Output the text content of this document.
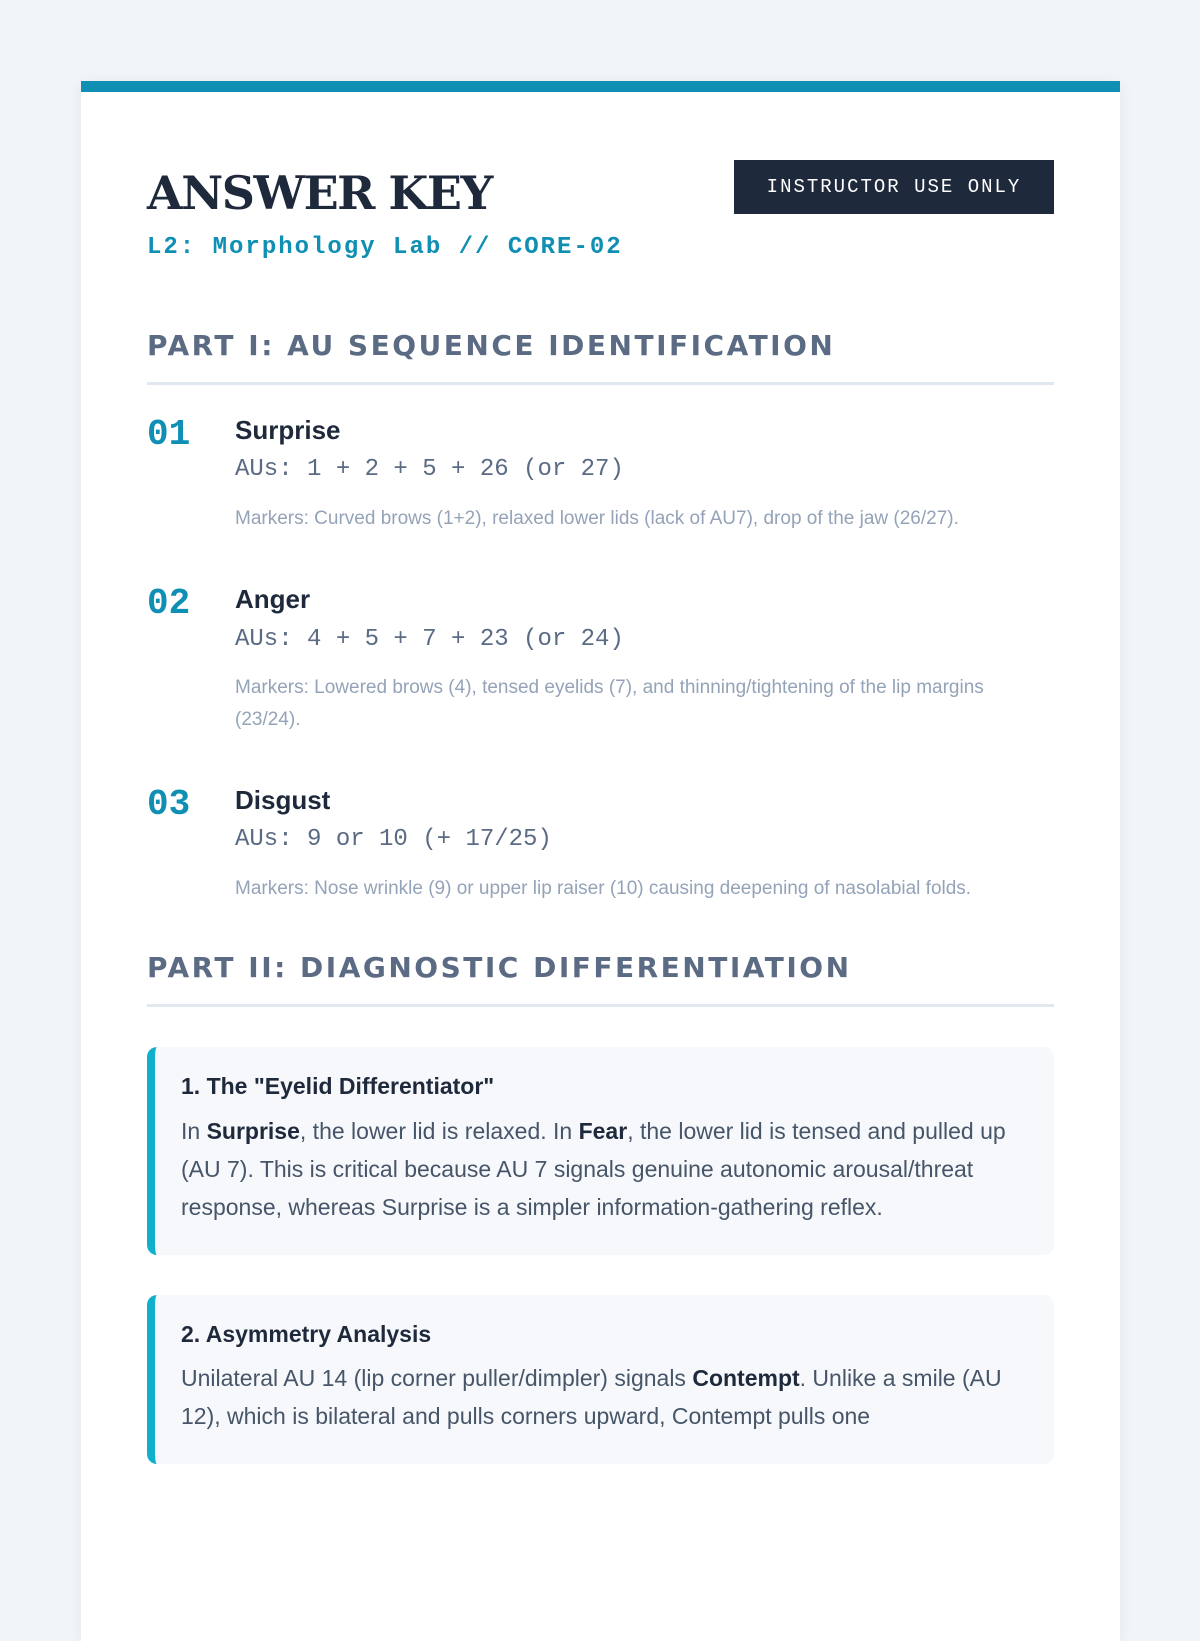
ANSWER KEY
L2: Morphology Lab // CORE-02
INSTRUCTOR USE ONLY
PART I: AU SEQUENCE IDENTIFICATION
01 Surprise
AUs: 1 + 2 + 5 + 26 (or 27)
Markers: Curved brows (1+2), relaxed lower lids (lack of AU7), drop of the jaw (26/27).
02 Anger
AUs: 4 + 5 + 7 + 23 (or 24)
Markers: Lowered brows (4), tensed eyelids (7), and thinning/tightening of the lip margins (23/24).
03 Disgust
AUs: 9 or 10 (+ 17/25)
Markers: Nose wrinkle (9) or upper lip raiser (10) causing deepening of nasolabial folds.
PART II: DIAGNOSTIC DIFFERENTIATION
1. The "Eyelid Differentiator"

In Surprise, the lower lid is relaxed. In Fear, the lower lid is tensed and pulled up (AU 7). This is critical because AU 7 signals genuine autonomic arousal/threat response, whereas Surprise is a simpler information-gathering reflex.

2. Asymmetry Analysis

Unilateral AU 14 (lip corner puller/dimpler) signals Contempt. Unlike a smile (AU 12), which is bilateral and pulls corners upward, Contempt pulls one
